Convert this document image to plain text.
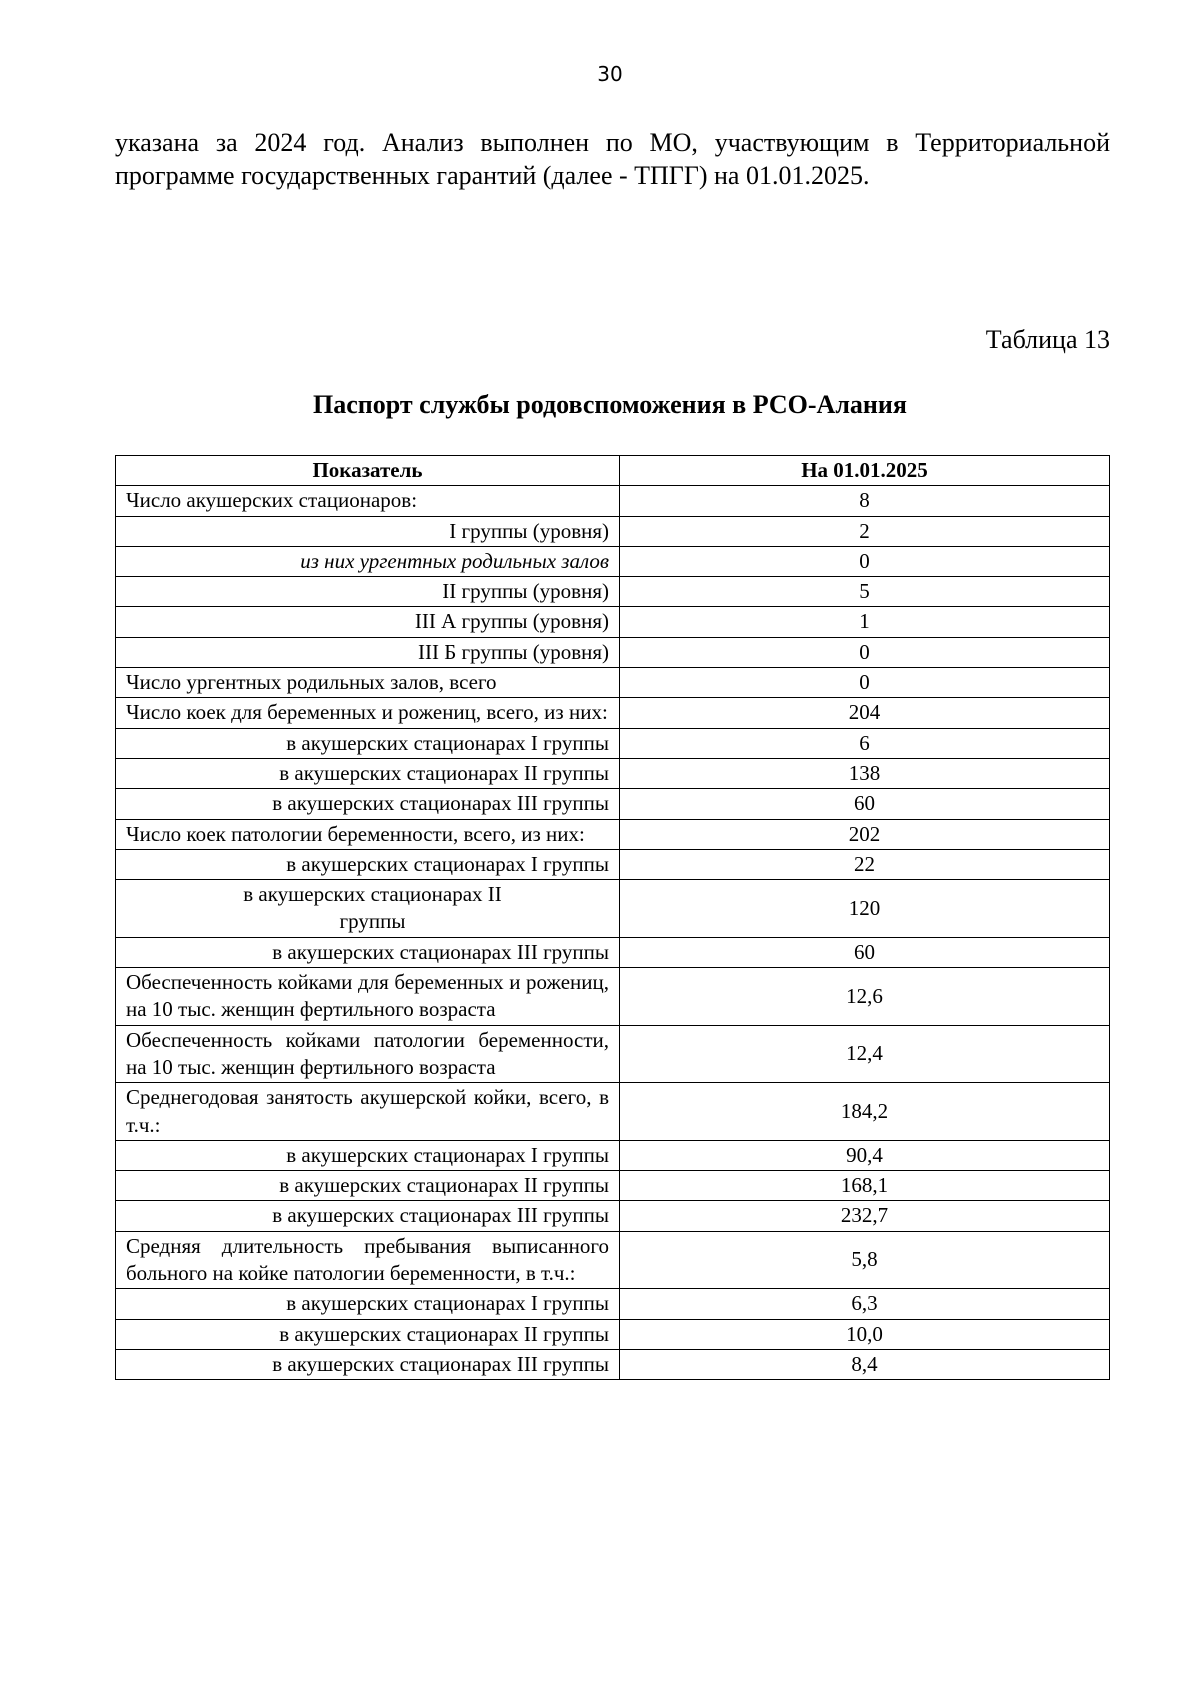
30

указана за 2024 год. Анализ выполнен по МО, участвующим в Территориальной программе государственных гарантий (далее - ТПГГ) на 01.01.2025.

Таблица 13
Паспорт службы родовспоможения в РСО-Алания
Показатель	На 01.01.2025
Число акушерских стационаров:	8
I группы (уровня)	2
из них ургентных родильных залов	0
II группы (уровня)	5
III А группы (уровня)	1
III Б группы (уровня)	0
Число ургентных родильных залов, всего	0
Число коек для беременных и рожениц, всего, из них:	204
в акушерских стационарах I группы	6
в акушерских стационарах II группы	138
в акушерских стационарах III группы	60
Число коек патологии беременности, всего, из них:	202
в акушерских стационарах I группы	22
в акушерских стационарах II группы	120
в акушерских стационарах III группы	60
Обеспеченность койками для беременных и рожениц, на 10 тыс. женщин фертильного возраста	12,6
Обеспеченность койками патологии беременности, на 10 тыс. женщин фертильного возраста	12,4
Среднегодовая занятость акушерской койки, всего, в т.ч.:	184,2
в акушерских стационарах I группы	90,4
в акушерских стационарах II группы	168,1
в акушерских стационарах III группы	232,7
Средняя длительность пребывания выписанного больного на койке патологии беременности, в т.ч.:	5,8
в акушерских стационарах I группы	6,3
в акушерских стационарах II группы	10,0
в акушерских стационарах III группы	8,4
